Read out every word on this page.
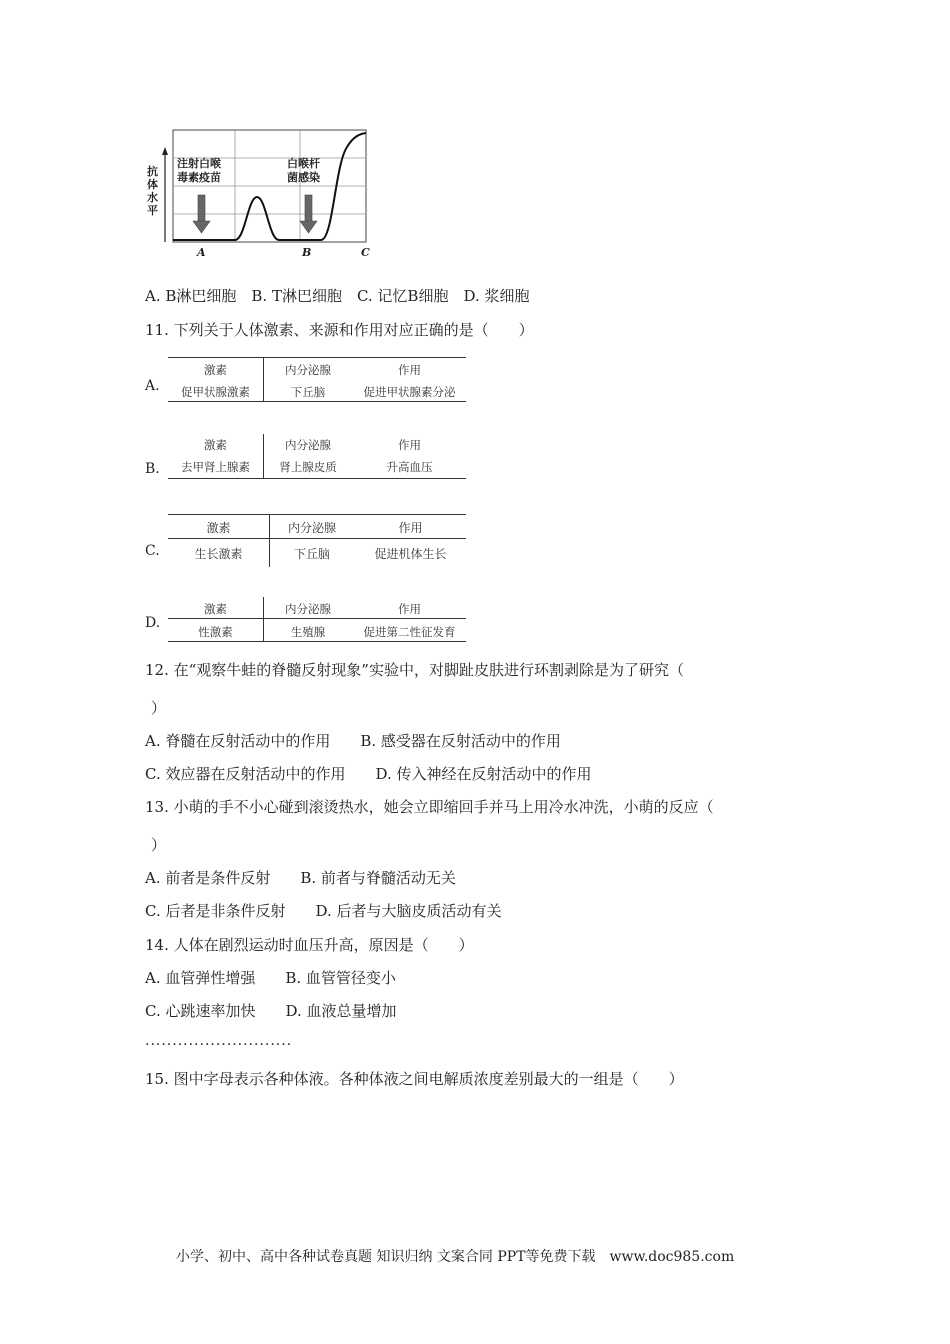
抗体水平
注射白喉
毒素疫苗
白喉杆
菌感染
A	B	C
A. B淋巴细胞　B. T淋巴细胞　C. 记忆B细胞　D. 浆细胞
11. 下列关于人体激素、来源和作用对应正确的是（　　）
A.
激素	内分泌腺	作用
促甲状腺激素	下丘脑	促进甲状腺素分泌
B.
激素	内分泌腺	作用
去甲肾上腺素	肾上腺皮质	升高血压
C.
激素	内分泌腺	作用
生长激素	下丘脑	促进机体生长
D.
激素	内分泌腺	作用
性激素	生殖腺	促进第二性征发育
12. 在“观察牛蛙的脊髓反射现象”实验中，对脚趾皮肤进行环割剥除是为了研究（
）
A. 脊髓在反射活动中的作用　　B. 感受器在反射活动中的作用
C. 效应器在反射活动中的作用　　D. 传入神经在反射活动中的作用
13. 小萌的手不小心碰到滚烫热水，她会立即缩回手并马上用冷水冲洗，小萌的反应（
）
A. 前者是条件反射　　B. 前者与脊髓活动无关
C. 后者是非条件反射　　D. 后者与大脑皮质活动有关
14. 人体在剧烈运动时血压升高，原因是（　　）
A. 血管弹性增强　　B. 血管管径变小
C. 心跳速率加快　　D. 血液总量增加
...........................
15. 图中字母表示各种体液。各种体液之间电解质浓度差别最大的一组是（　　）
小学、初中、高中各种试卷真题 知识归纳 文案合同 PPT等免费下载　www.doc985.com
